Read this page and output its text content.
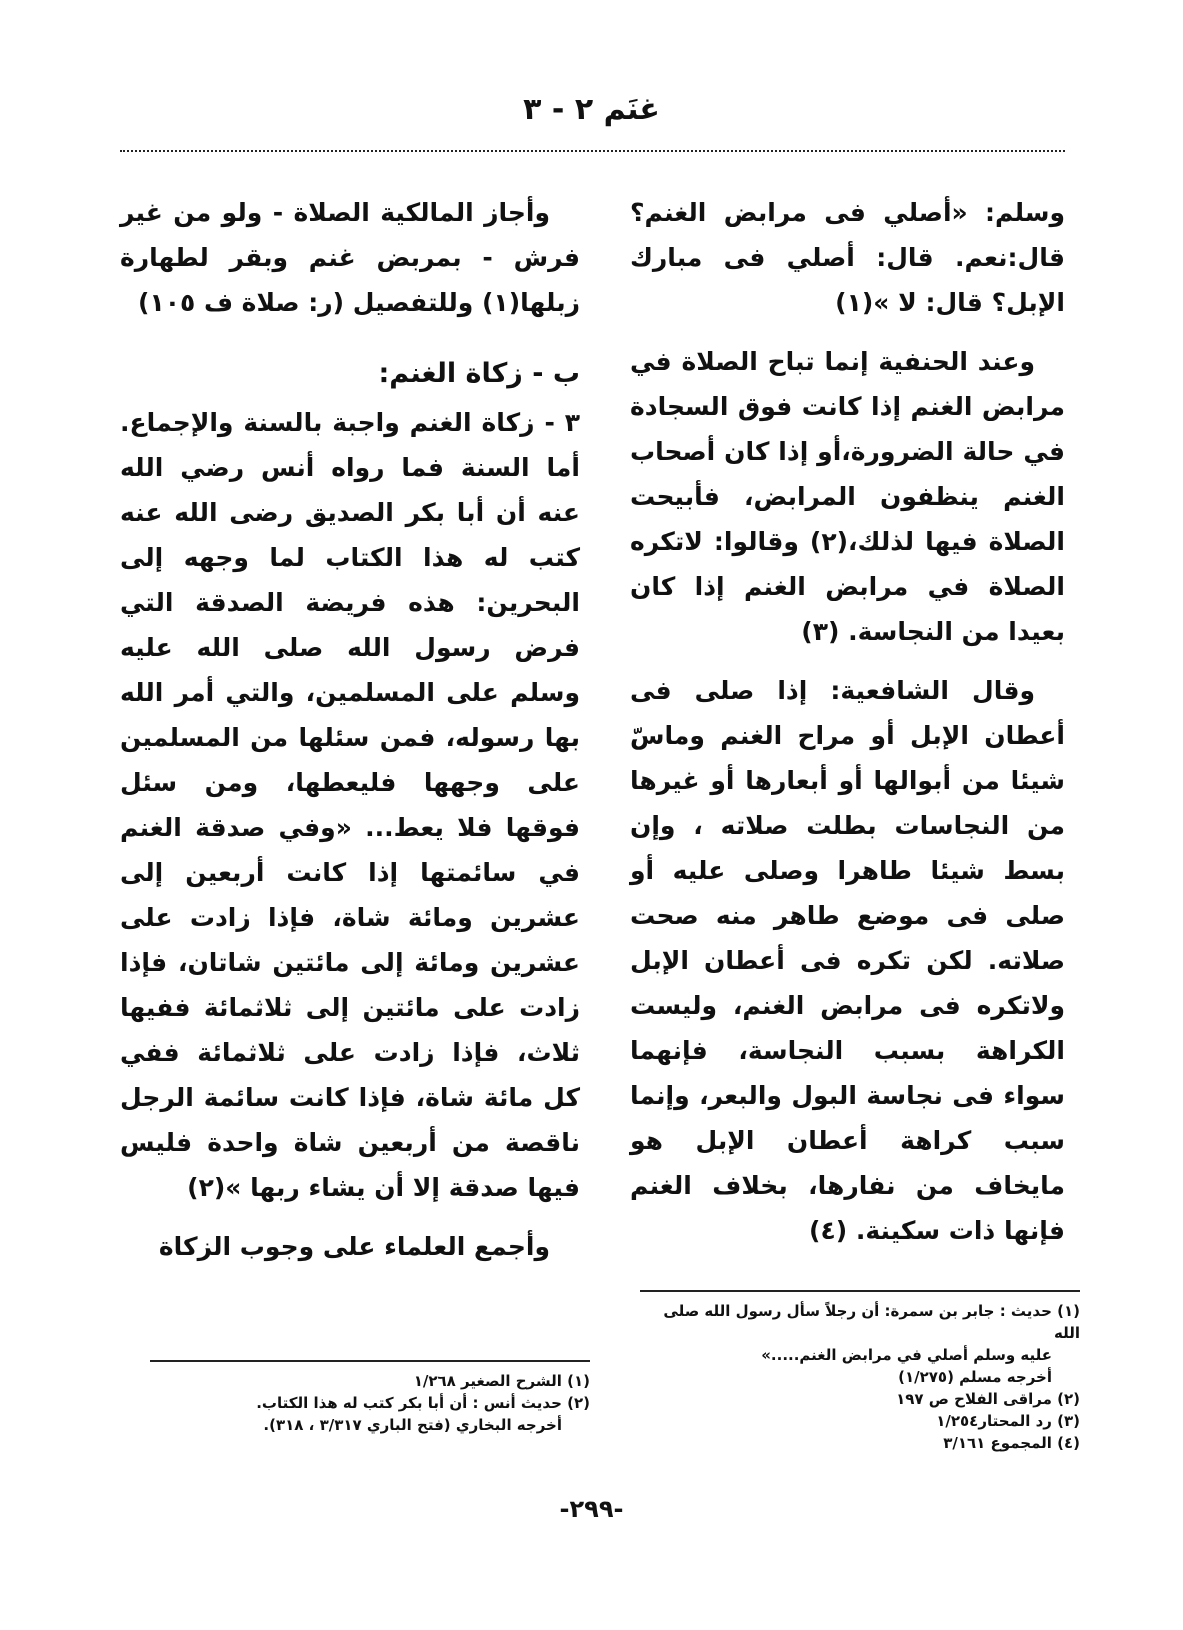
غنَم ٢ - ٣

وسلم: «أصلي فى مرابض الغنم؟ قال:نعم. قال: أصلي فى مبارك الإبل؟ قال: لا »(١)

وعند الحنفية إنما تباح الصلاة في مرابض الغنم إذا كانت فوق السجادة في حالة الضرورة،أو إذا كان أصحاب الغنم ينظفون المرابض، فأبيحت الصلاة فيها لذلك،(٢) وقالوا: لاتكره الصلاة في مرابض الغنم إذا كان بعيدا من النجاسة. (٣)

وقال الشافعية: إذا صلى فى أعطان الإبل أو مراح الغنم وماسّ شيئا من أبوالها أو أبعارها أو غيرها من النجاسات بطلت صلاته ، وإن بسط شيئا طاهرا وصلى عليه أو صلى فى موضع طاهر منه صحت صلاته. لكن تكره فى أعطان الإبل ولاتكره فى مرابض الغنم، وليست الكراهة بسبب النجاسة، فإنهما سواء فى نجاسة البول والبعر، وإنما سبب كراهة أعطان الإبل هو مايخاف من نفارها، بخلاف الغنم فإنها ذات سكينة. (٤)

وأجاز المالكية الصلاة - ولو من غير فرش - بمربض غنم وبقر لطهارة زبلها(١) وللتفصيل (ر: صلاة ف ١٠٥)

ب - زكاة الغنم:

٣ - زكاة الغنم واجبة بالسنة والإجماع. أما السنة فما رواه أنس رضي الله عنه أن أبا بكر الصديق رضى الله عنه كتب له هذا الكتاب لما وجهه إلى البحرين: هذه فريضة الصدقة التي فرض رسول الله صلى الله عليه وسلم على المسلمين، والتي أمر الله بها رسوله، فمن سئلها من المسلمين على وجهها فليعطها، ومن سئل فوقها فلا يعط... «وفي صدقة الغنم في سائمتها إذا كانت أربعين إلى عشرين ومائة شاة، فإذا زادت على عشرين ومائة إلى مائتين شاتان، فإذا زادت على مائتين إلى ثلاثمائة ففيها ثلاث، فإذا زادت على ثلاثمائة ففي كل مائة شاة، فإذا كانت سائمة الرجل ناقصة من أربعين شاة واحدة فليس فيها صدقة إلا أن يشاء ربها »(٢)

وأجمع العلماء على وجوب الزكاة

(١) حديث : جابر بن سمرة: أن رجلاً سأل رسول الله صلى الله
عليه وسلم أصلي في مرابض الغنم.....»
أخرجه مسلم (١/٢٧٥)
(٢) مراقى الفلاح ص ١٩٧
(٣) رد المحتار١/٢٥٤
(٤) المجموع ٣/١٦١
(١) الشرح الصغير ١/٢٦٨
(٢) حديث أنس : أن أبا بكر كتب له هذا الكتاب.
أخرجه البخاري (فتح الباري ٣/٣١٧ ، ٣١٨).
-٢٩٩-
